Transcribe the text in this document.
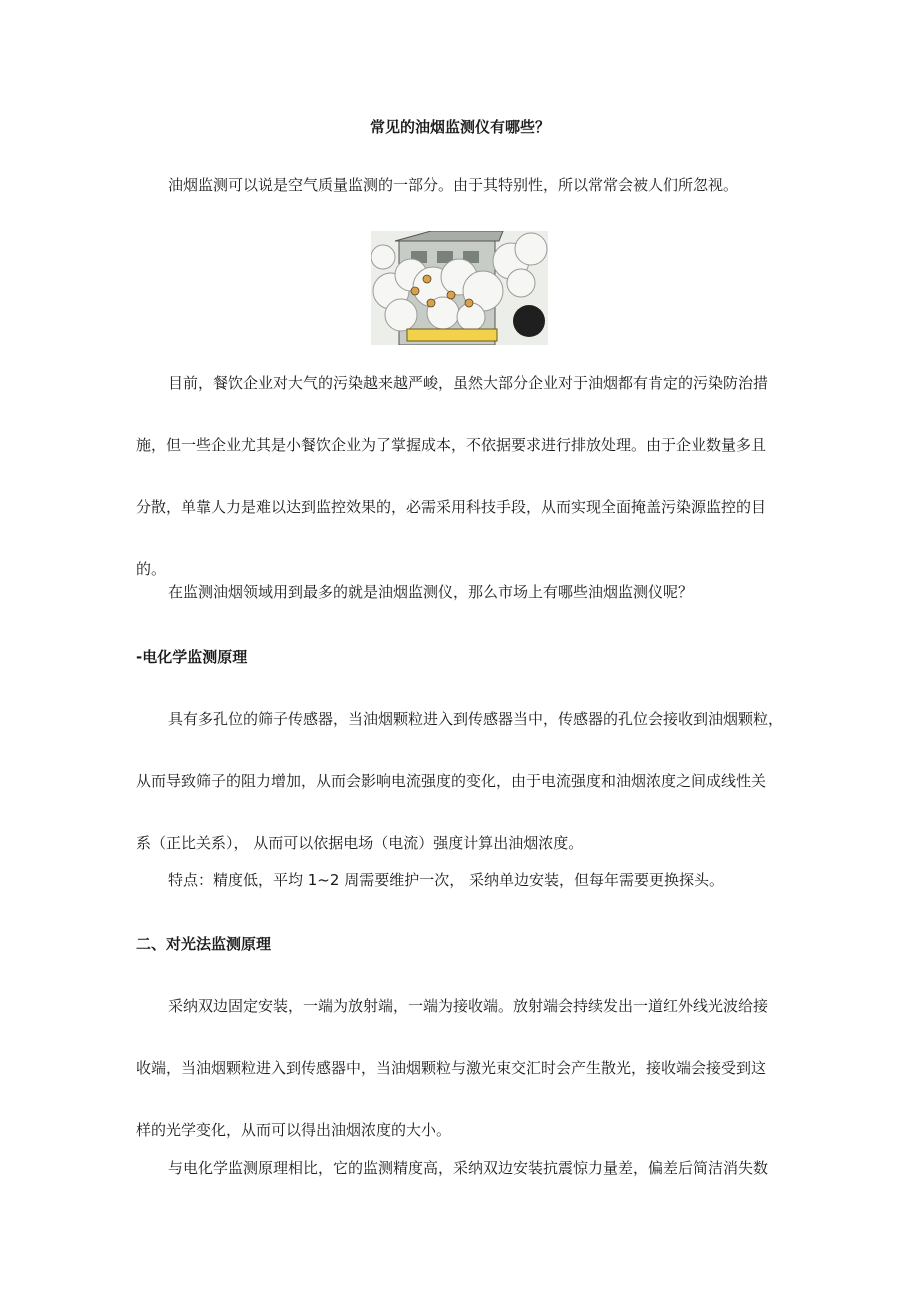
常见的油烟监测仪有哪些？
油烟监测可以说是空气质量监测的一部分。由于其特别性，所以常常会被人们所忽视。
目前，餐饮企业对大气的污染越来越严峻，虽然大部分企业对于油烟都有肯定的污染防治措
施，但一些企业尤其是小餐饮企业为了掌握成本，不依据要求进行排放处理。由于企业数量多且
分散，单靠人力是难以达到监控效果的，必需采用科技手段，从而实现全面掩盖污染源监控的目
的。
在监测油烟领域用到最多的就是油烟监测仪，那么市场上有哪些油烟监测仪呢？
-电化学监测原理
具有多孔位的筛子传感器，当油烟颗粒进入到传感器当中，传感器的孔位会接收到油烟颗粒，
从而导致筛子的阻力增加，从而会影响电流强度的变化，由于电流强度和油烟浓度之间成线性关
系（正比关系）， 从而可以依据电场（电流）强度计算出油烟浓度。
特点：精度低，平均 1~2 周需要维护一次， 采纳单边安装，但每年需要更换探头。
二、对光法监测原理
采纳双边固定安装，一端为放射端，一端为接收端。放射端会持续发出一道红外线光波给接
收端，当油烟颗粒进入到传感器中，当油烟颗粒与激光束交汇时会产生散光，接收端会接受到这
样的光学变化，从而可以得出油烟浓度的大小。
与电化学监测原理相比，它的监测精度高，采纳双边安装抗震惊力量差，偏差后简洁消失数
